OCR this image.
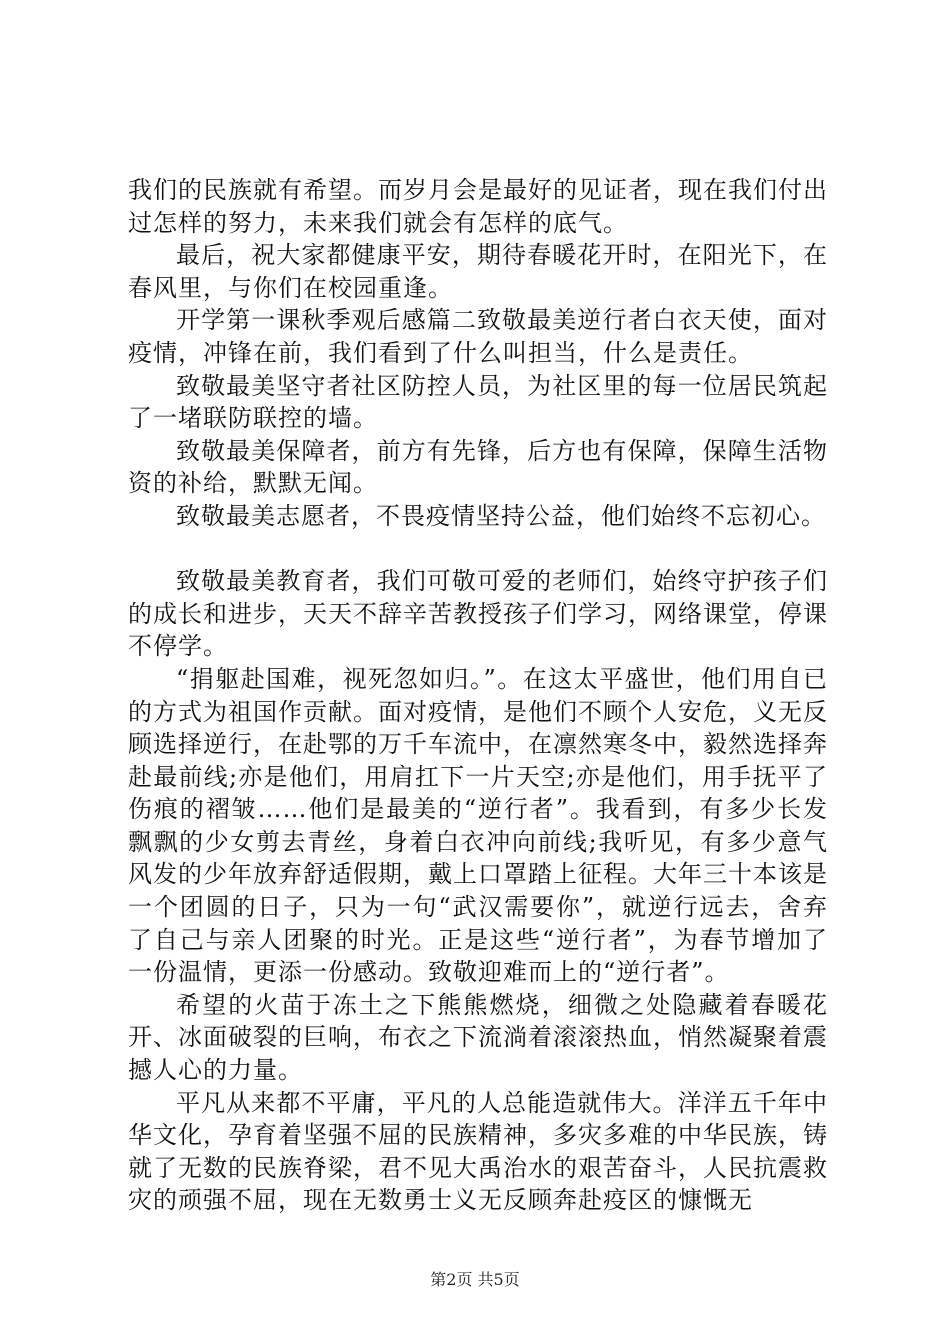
我们的民族就有希望。而岁月会是最好的见证者，现在我们付出过怎样的努力，未来我们就会有怎样的底气。

最后，祝大家都健康平安，期待春暖花开时，在阳光下，在春风里，与你们在校园重逢。

开学第一课秋季观后感篇二致敬最美逆行者白衣天使，面对疫情，冲锋在前，我们看到了什么叫担当，什么是责任。

致敬最美坚守者社区防控人员，为社区里的每一位居民筑起了一堵联防联控的墙。

致敬最美保障者，前方有先锋，后方也有保障，保障生活物资的补给，默默无闻。

致敬最美志愿者，不畏疫情坚持公益，他们始终不忘初心。

致敬最美教育者，我们可敬可爱的老师们，始终守护孩子们的成长和进步，天天不辞辛苦教授孩子们学习，网络课堂，停课不停学。

“捐躯赴国难，视死忽如归。”。在这太平盛世，他们用自已的方式为祖国作贡献。面对疫情，是他们不顾个人安危，义无反顾选择逆行，在赴鄂的万千车流中，在凛然寒冬中，毅然选择奔赴最前线;亦是他们，用肩扛下一片天空;亦是他们，用手抚平了伤痕的褶皱……他们是最美的“逆行者”。我看到，有多少长发飘飘的少女剪去青丝，身着白衣冲向前线;我听见，有多少意气风发的少年放弃舒适假期，戴上口罩踏上征程。大年三十本该是一个团圆的日子，只为一句“武汉需要你”，就逆行远去，舍弃了自己与亲人团聚的时光。正是这些“逆行者”，为春节增加了一份温情，更添一份感动。致敬迎难而上的“逆行者”。

希望的火苗于冻土之下熊熊燃烧，细微之处隐藏着春暖花开、冰面破裂的巨响，布衣之下流淌着滚滚热血，悄然凝聚着震撼人心的力量。

平凡从来都不平庸，平凡的人总能造就伟大。洋洋五千年中华文化，孕育着坚强不屈的民族精神，多灾多难的中华民族，铸就了无数的民族脊梁，君不见大禹治水的艰苦奋斗，人民抗震救灾的顽强不屈，现在无数勇士义无反顾奔赴疫区的慷慨无

第2页 共5页
